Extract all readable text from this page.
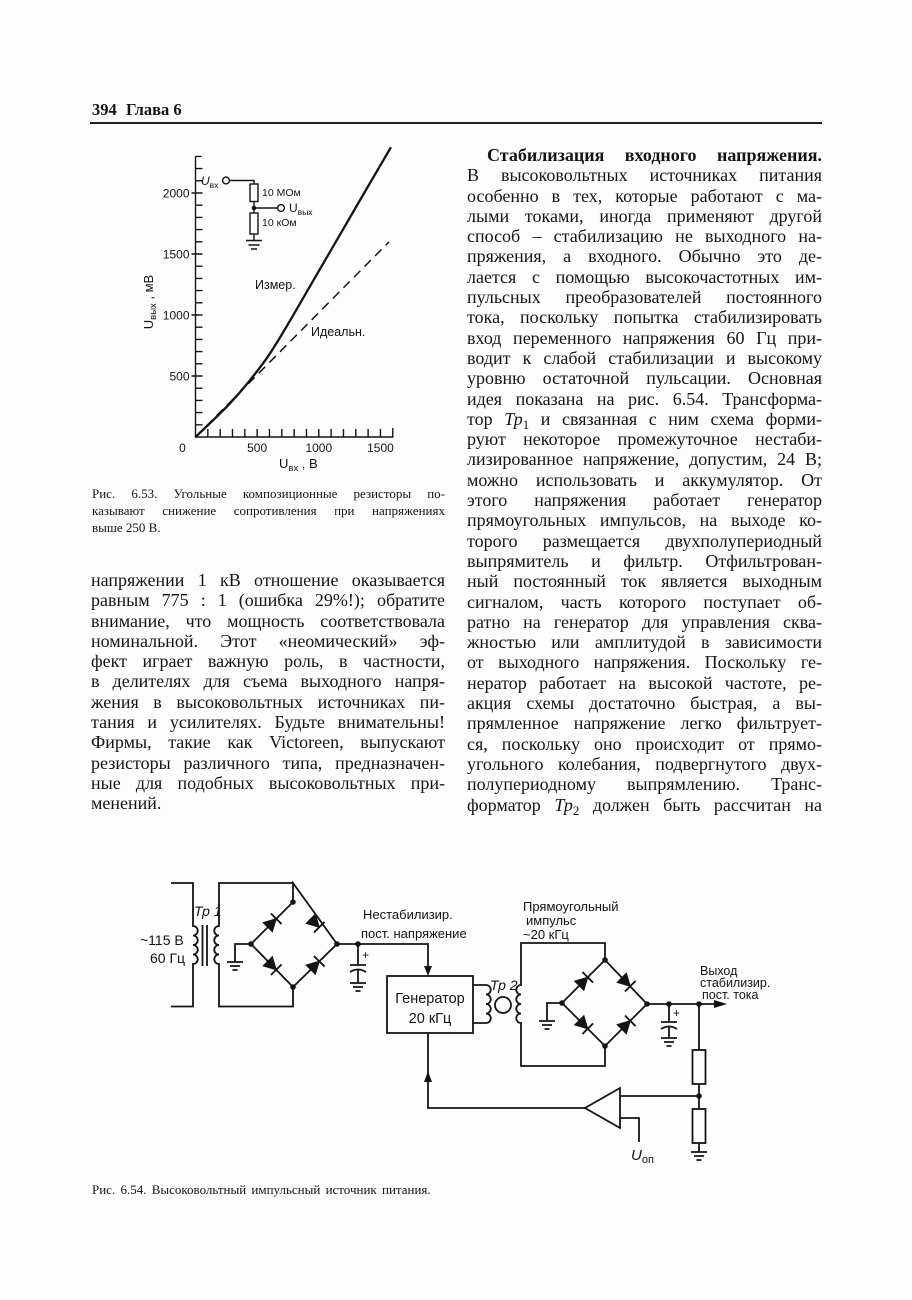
394 Глава 6
500
1000
1500
2000
0	500	1000	1500
Измер.
Идеальн.
$U_{вх}$ , В
$U_{вых}$ , мВ
$U_{вх}$
10 МОм
$U_{вых}$
10 кОм
Рис. 6.53. Угольные композиционные резисторы по-
казывают снижение сопротивления при напряжениях
выше 250 В.
напряжении 1 кВ отношение оказывается
равным 775 : 1 (ошибка 29%!); обратите
внимание, что мощность соответствовала
номинальной. Этот «неомический» эф-
фект играет важную роль, в частности,
в делителях для съема выходного напря-
жения в высоковольтных источниках пи-
тания и усилителях. Будьте внимательны!
Фирмы, такие как Victoreen, выпускают
резисторы различного типа, предназначен-
ные для подобных высоковольтных при-
менений.
Стабилизация входного напряжения.
В высоковольтных источниках питания
особенно в тех, которые работают с ма-
лыми токами, иногда применяют другой
способ – стабилизацию не выходного на-
пряжения, а входного. Обычно это де-
лается с помощью высокочастотных им-
пульсных преобразователей постоянного
тока, поскольку попытка стабилизировать
вход переменного напряжения 60 Гц при-
водит к слабой стабилизации и высокому
уровню остаточной пульсации. Основная
идея показана на рис. 6.54. Трансформа-
тор $Тр_1$ и связанная с ним схема форми-
руют некоторое промежуточное нестаби-
лизированное напряжение, допустим, 24 В;
можно использовать и аккумулятор. От
этого напряжения работает генератор
прямоугольных импульсов, на выходе ко-
торого размещается двухполупериодный
выпрямитель и фильтр. Отфильтрован-
ный постоянный ток является выходным
сигналом, часть которого поступает об-
ратно на генератор для управления сква-
жностью или амплитудой в зависимости
от выходного напряжения. Поскольку ге-
нератор работает на высокой частоте, ре-
акция схемы достаточно быстрая, а вы-
прямленное напряжение легко фильтрует-
ся, поскольку оно происходит от прямо-
угольного колебания, подвергнутого двух-
полупериодному выпрямлению. Транс-
форматор $Тр_2$ должен быть рассчитан на
~115 В
60 Гц
Тр 1
+
Нестабилизир.
пост. напряжение
Генератор
20 кГц
Тр 2
Прямоугольный
импульс
~20 кГц
+
Выход
стабилизир.
пост. тока
$U_{оп}$
Рис. 6.54. Высоковольтный импульсный источник питания.
